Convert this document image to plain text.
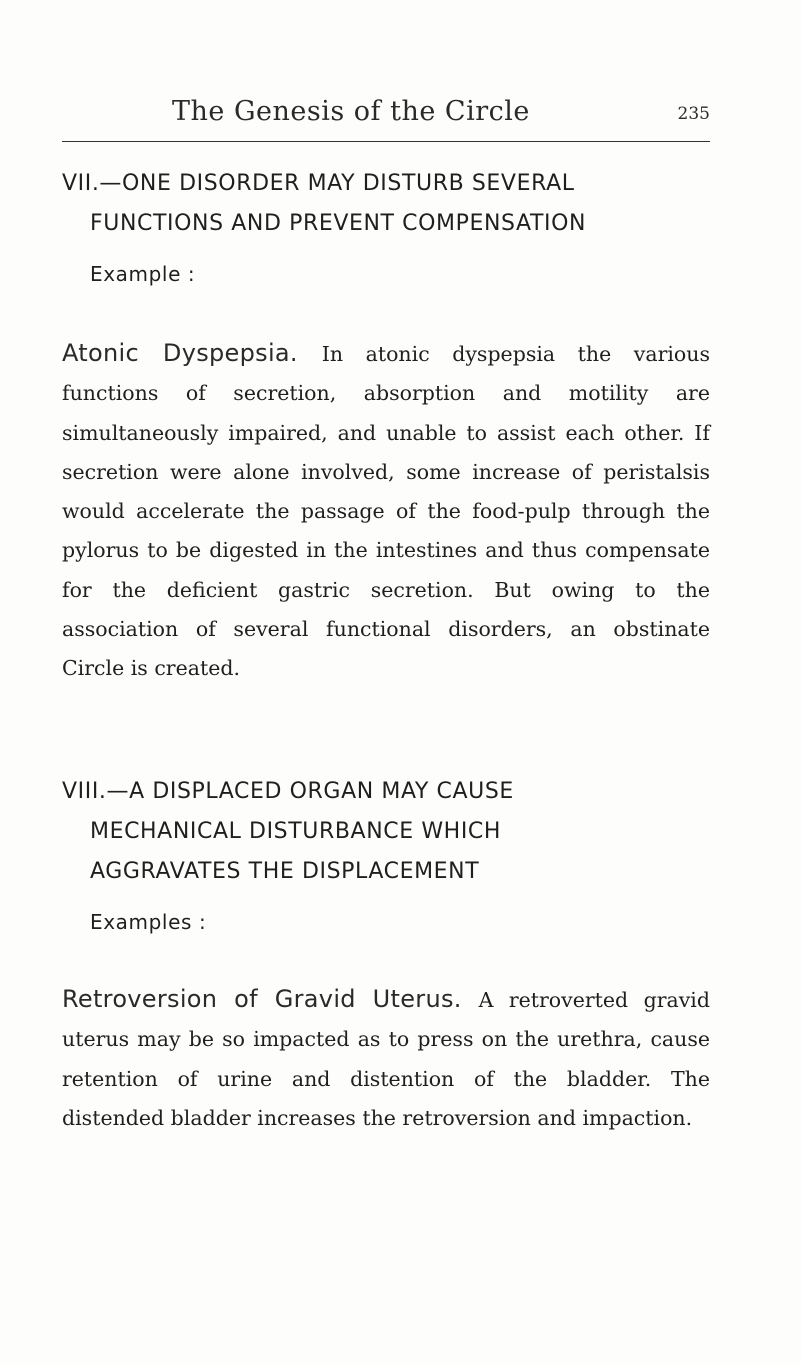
The Genesis of the Circle	235
VII.—ONE DISORDER MAY DISTURB SEVERAL
FUNCTIONS AND PREVENT COMPENSATION
Example :
Atonic Dyspepsia. In atonic dyspepsia the various functions of secretion, absorption and motility are simultaneously impaired, and unable to assist each other. If secretion were alone involved, some increase of peristalsis would accelerate the passage of the food-pulp through the pylorus to be digested in the intestines and thus compensate for the deficient gastric secretion. But owing to the association of several functional disorders, an obstinate Circle is created.
VIII.—A DISPLACED ORGAN MAY CAUSE
MECHANICAL DISTURBANCE WHICH
AGGRAVATES THE DISPLACEMENT
Examples :
Retroversion of Gravid Uterus. A retroverted gravid uterus may be so impacted as to press on the urethra, cause retention of urine and distention of the bladder. The distended bladder increases the retroversion and impaction.
